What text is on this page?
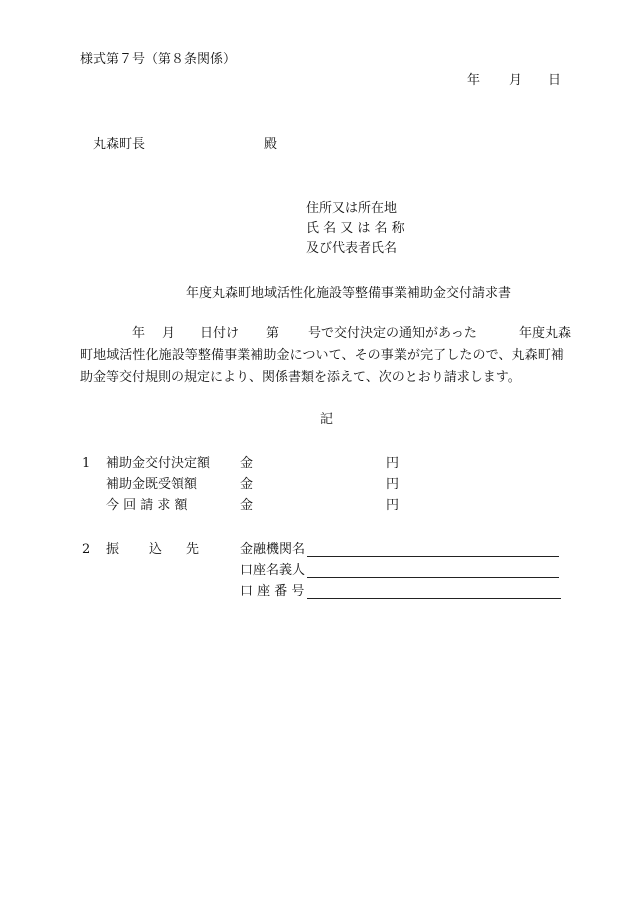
様式第７号（第８条関係）
年 月 日
丸森町長	殿
住所又は所在地
氏 名 又 は 名 称
及び代表者氏名
年度丸森町地域活性化施設等整備事業補助金交付請求書
年 月 日付け 第 号で交付決定の通知があった	年度丸森
町地域活性化施設等整備事業補助金について、その事業が完了したので、丸森町補
助金等交付規則の規定により、関係書類を添えて、次のとおり請求します。
記
1 補助金交付決定額 金	円
補助金既受領額	金	円
今 回 請 求 額	金	円
2 振 込 先	金融機関名
口座名義人
口 座 番 号
